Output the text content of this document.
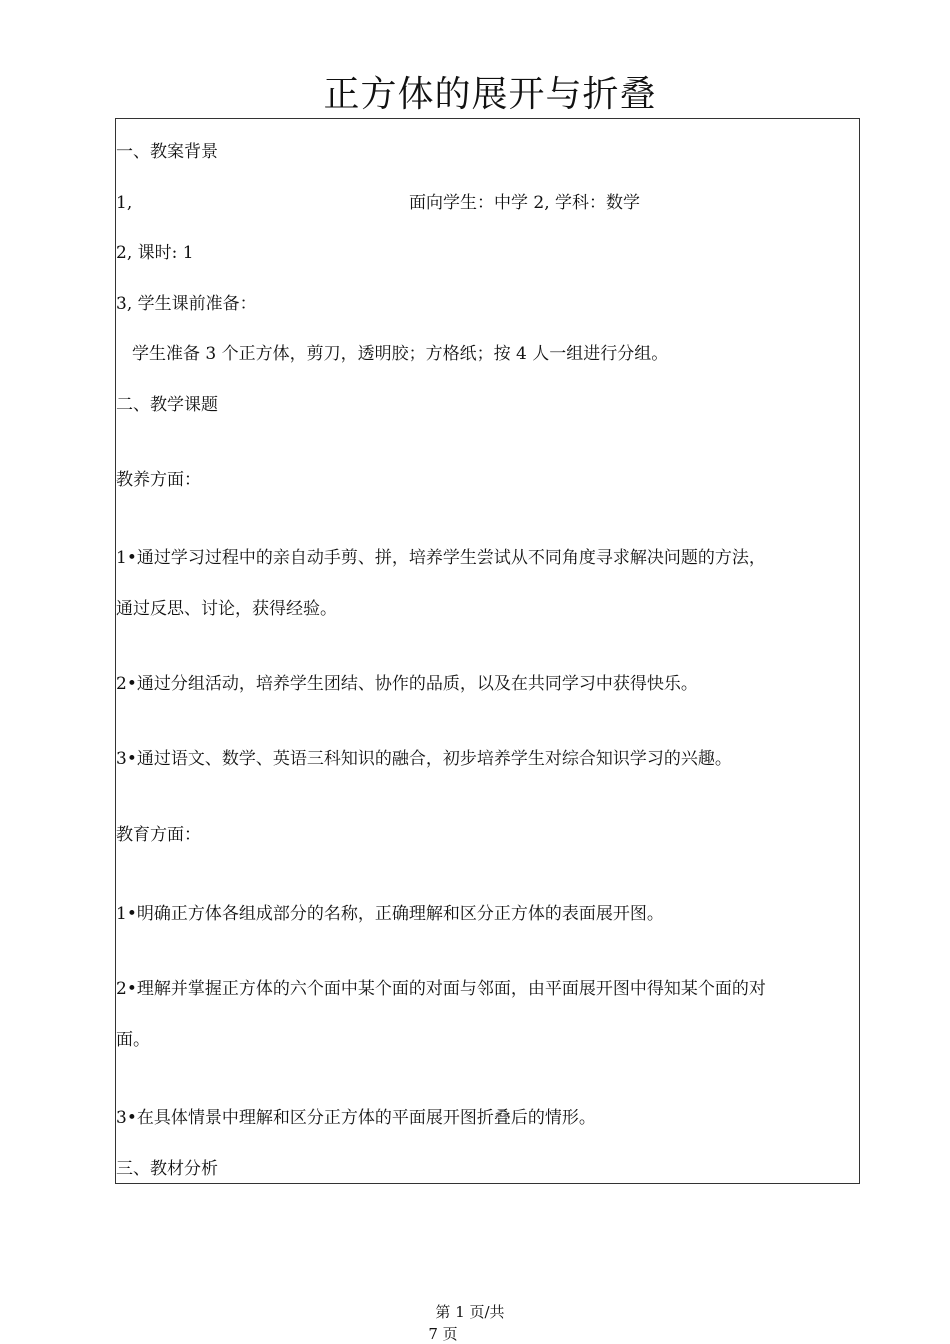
正方体的展开与折叠
一、教案背景
1,	面向学生：中学 2, 学科：数学
2, 课时: 1
3, 学生课前准备：
学生准备 3 个正方体，剪刀，透明胶；方格纸；按 4 人一组进行分组。
二、教学课题
教养方面：
1•通过学习过程中的亲自动手剪、拼，培养学生尝试从不同角度寻求解决问题的方法，
通过反思、讨论，获得经验。
2•通过分组活动，培养学生团结、协作的品质，以及在共同学习中获得快乐。
3•通过语文、数学、英语三科知识的融合，初步培养学生对综合知识学习的兴趣。
教育方面：
1•明确正方体各组成部分的名称，正确理解和区分正方体的表面展开图。
2•理解并掌握正方体的六个面中某个面的对面与邻面，由平面展开图中得知某个面的对
面。
3•在具体情景中理解和区分正方体的平面展开图折叠后的情形。
三、教材分析
第 1 页/共
7 页
